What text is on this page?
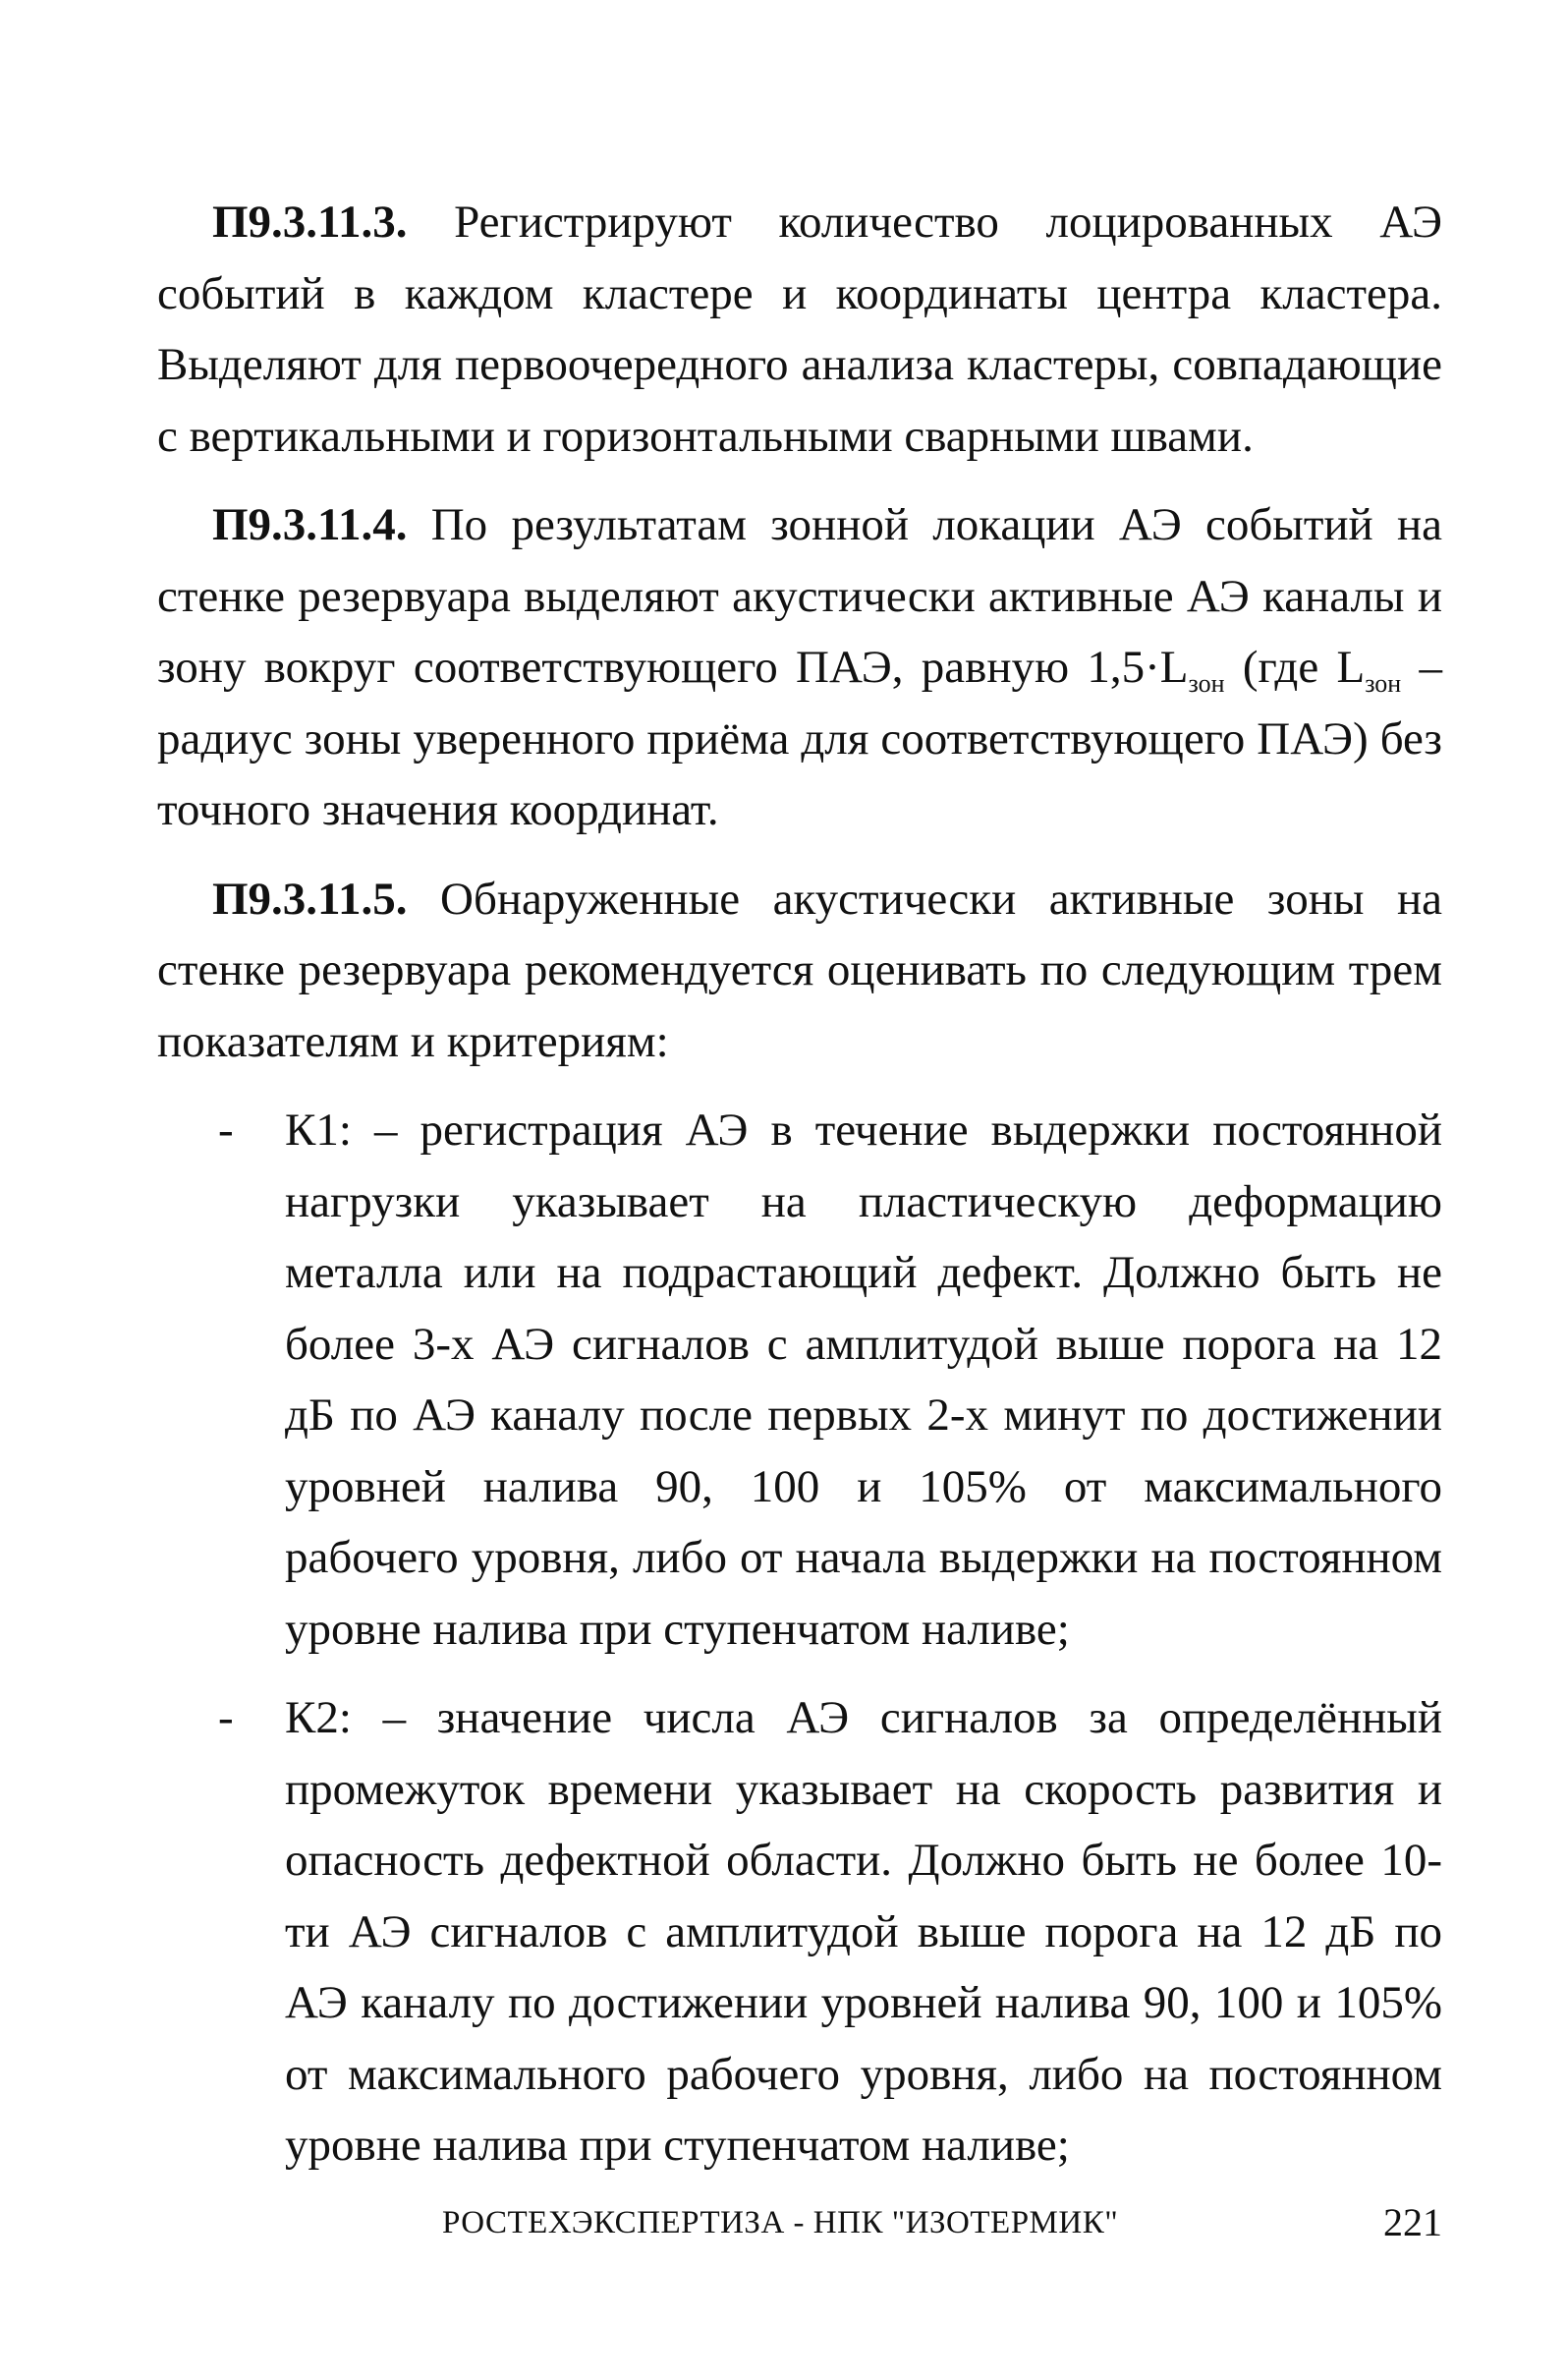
П9.3.11.3. Регистрируют количество лоцированных АЭ событий в каждом кластере и координаты центра кластера. Выделяют для первоочередного анализа кластеры, совпадающие с вертикальными и горизонтальными сварными швами.

П9.3.11.4. По результатам зонной локации АЭ событий на стенке резервуара выделяют акустически активные АЭ каналы и зону вокруг соответствующего ПАЭ, равную $1,5\cdot L_{зон}$ (где $L_{зон}$ – радиус зоны уверенного приёма для соответствующего ПАЭ) без точного значения координат.

П9.3.11.5. Обнаруженные акустически активные зоны на стенке резервуара рекомендуется оценивать по следующим трем показателям и критериям:

- К1: – регистрация АЭ в течение выдержки постоянной нагрузки указывает на пластическую деформацию металла или на подрастающий дефект. Должно быть не более 3-х АЭ сигналов с амплитудой выше порога на 12 дБ по АЭ каналу после первых 2-х минут по достижении уровней налива 90, 100 и 105% от максимального рабочего уровня, либо от начала выдержки на постоянном уровне налива при ступенчатом наливе;
- К2: – значение числа АЭ сигналов за определённый промежуток времени указывает на скорость развития и опасность дефектной области. Должно быть не более 10-ти АЭ сигналов с амплитудой выше порога на 12 дБ по АЭ каналу по достижении уровней налива 90, 100 и 105% от максимального рабочего уровня, либо на постоянном уровне налива при ступенчатом наливе;
РОСТЕХЭКСПЕРТИЗА - НПК "ИЗОТЕРМИК"	221
